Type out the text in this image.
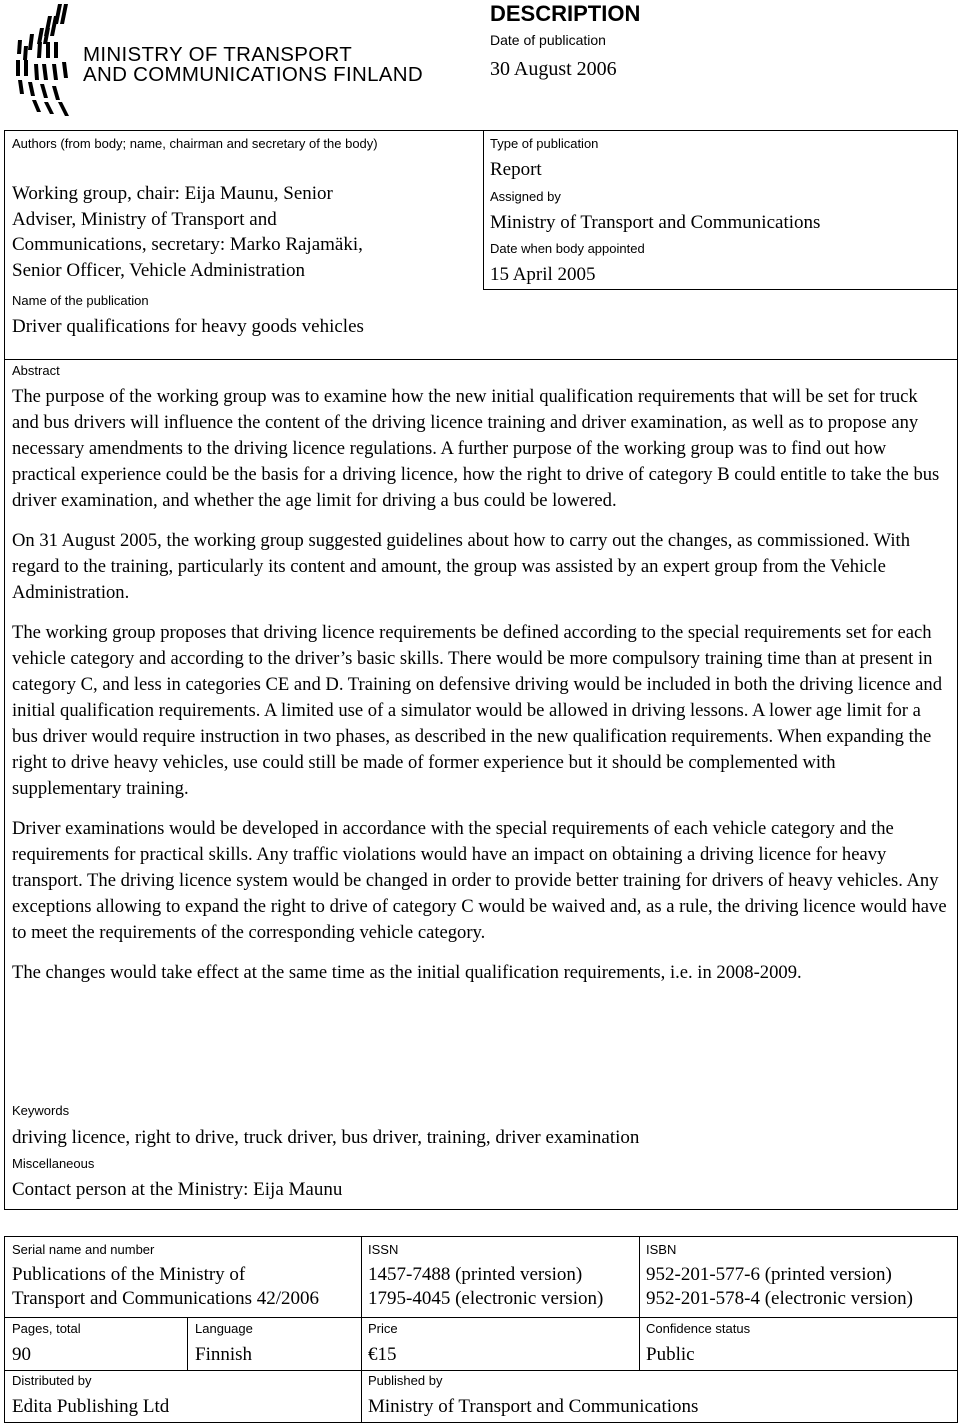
MINISTRY OF TRANSPORT
AND COMMUNICATIONS FINLAND
DESCRIPTION
Date of publication
30 August 2006
Authors (from body; name, chairman and secretary of the body)
Working group, chair: Eija Maunu, Senior
Adviser, Ministry of Transport and
Communications, secretary: Marko Rajamäki,
Senior Officer, Vehicle Administration
Name of the publication
Driver qualifications for heavy goods vehicles
Type of publication
Report
Assigned by
Ministry of Transport and Communications
Date when body appointed
15 April 2005
Abstract

The purpose of the working group was to examine how the new initial qualification requirements that will be set for truck and bus drivers will influence the content of the driving licence training and driver examination, as well as to propose any necessary amendments to the driving licence regulations. A further purpose of the working group was to find out how practical experience could be the basis for a driving licence, how the right to drive of category B could entitle to take the bus driver examination, and whether the age limit for driving a bus could be lowered.

On 31 August 2005, the working group suggested guidelines about how to carry out the changes, as commissioned. With regard to the training, particularly its content and amount, the group was assisted by an expert group from the Vehicle Administration.

The working group proposes that driving licence requirements be defined according to the special requirements set for each vehicle category and according to the driver’s basic skills. There would be more compulsory training time than at present in category C, and less in categories CE and D. Training on defensive driving would be included in both the driving licence and initial qualification requirements. A limited use of a simulator would be allowed in driving lessons. A lower age limit for a bus driver would require instruction in two phases, as described in the new qualification requirements. When expanding the right to drive heavy vehicles, use could still be made of former experience but it should be complemented with supplementary training.

Driver examinations would be developed in accordance with the special requirements of each vehicle category and the requirements for practical skills. Any traffic violations would have an impact on obtaining a driving licence for heavy transport. The driving licence system would be changed in order to provide better training for drivers of heavy vehicles. Any exceptions allowing to expand the right to drive of category C would be waived and, as a rule, the driving licence would have to meet the requirements of the corresponding vehicle category.

The changes would take effect at the same time as the initial qualification requirements, i.e. in 2008-2009.

Keywords
driving licence, right to drive, truck driver, bus driver, training, driver examination
Miscellaneous
Contact person at the Ministry: Eija Maunu
Serial name and number
Publications of the Ministry of
Transport and Communications 42/2006
ISSN
1457-7488 (printed version)
1795-4045 (electronic version)
ISBN
952-201-577-6 (printed version)
952-201-578-4 (electronic version)
Pages, total
90
Language
Finnish
Price
€15
Confidence status
Public
Distributed by
Edita Publishing Ltd
Published by
Ministry of Transport and Communications
